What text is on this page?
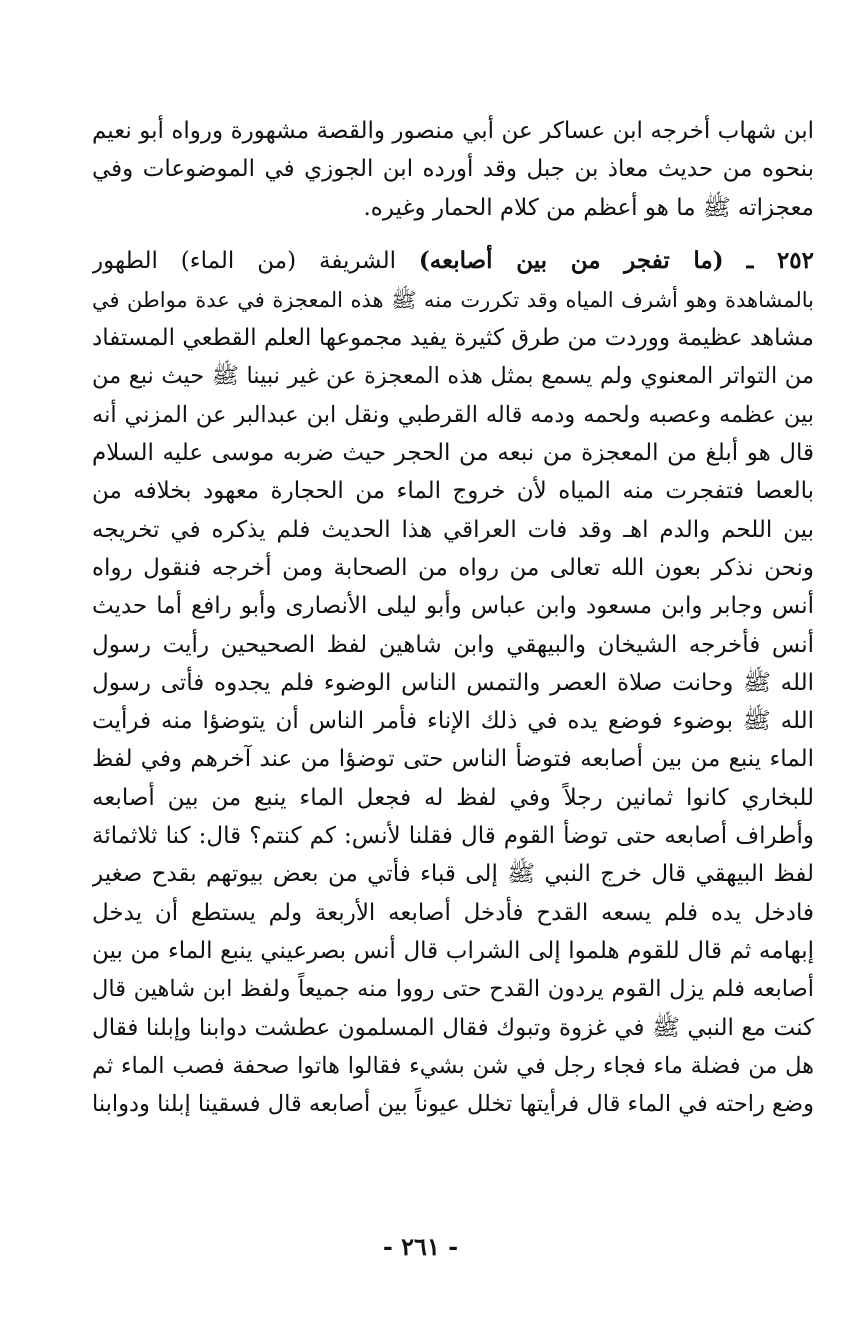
ابن شهاب أخرجه ابن عساكر عن أبي منصور والقصة مشهورة ورواه أبو نعيم
بنحوه من حديث معاذ بن جبل وقد أورده ابن الجوزي في الموضوعات وفي
معجزاته ﷺ ما هو أعظم من كلام الحمار وغيره.
٢٥٢ ـ (ما تفجر من بين أصابعه) الشريفة (من الماء) الطهور
بالمشاهدة وهو أشرف المياه وقد تكررت منه ﷺ هذه المعجزة في عدة مواطن في
مشاهد عظيمة ووردت من طرق كثيرة يفيد مجموعها العلم القطعي المستفاد
من التواتر المعنوي ولم يسمع بمثل هذه المعجزة عن غير نبينا ﷺ حيث نبع من
بين عظمه وعصبه ولحمه ودمه قاله القرطبي ونقل ابن عبدالبر عن المزني أنه
قال هو أبلغ من المعجزة من نبعه من الحجر حيث ضربه موسى عليه السلام
بالعصا فتفجرت منه المياه لأن خروج الماء من الحجارة معهود بخلافه من
بين اللحم والدم اهـ وقد فات العراقي هذا الحديث فلم يذكره في تخريجه
ونحن نذكر بعون الله تعالى من رواه من الصحابة ومن أخرجه فنقول رواه
أنس وجابر وابن مسعود وابن عباس وأبو ليلى الأنصارى وأبو رافع أما حديث
أنس فأخرجه الشيخان والبيهقي وابن شاهين لفظ الصحيحين رأيت رسول
الله ﷺ وحانت صلاة العصر والتمس الناس الوضوء فلم يجدوه فأتى رسول
الله ﷺ بوضوء فوضع يده في ذلك الإناء فأمر الناس أن يتوضؤا منه فرأيت
الماء ينبع من بين أصابعه فتوضأ الناس حتى توضؤا من عند آخرهم وفي لفظ
للبخاري كانوا ثمانين رجلاً وفي لفظ له فجعل الماء ينبع من بين أصابعه
وأطراف أصابعه حتى توضأ القوم قال فقلنا لأنس: كم كنتم؟ قال: كنا ثلاثمائة
لفظ البيهقي قال خرج النبي ﷺ إلى قباء فأتي من بعض بيوتهم بقدح صغير
فادخل يده فلم يسعه القدح فأدخل أصابعه الأربعة ولم يستطع أن يدخل
إبهامه ثم قال للقوم هلموا إلى الشراب قال أنس بصرعيني ينبع الماء من بين
أصابعه فلم يزل القوم يردون القدح حتى رووا منه جميعاً ولفظ ابن شاهين قال
كنت مع النبي ﷺ في غزوة وتبوك فقال المسلمون عطشت دوابنا وإبلنا فقال
هل من فضلة ماء فجاء رجل في شن بشيء فقالوا هاتوا صحفة فصب الماء ثم
وضع راحته في الماء قال فرأيتها تخلل عيوناً بين أصابعه قال فسقينا إبلنا ودوابنا
- ٢٦١ -
